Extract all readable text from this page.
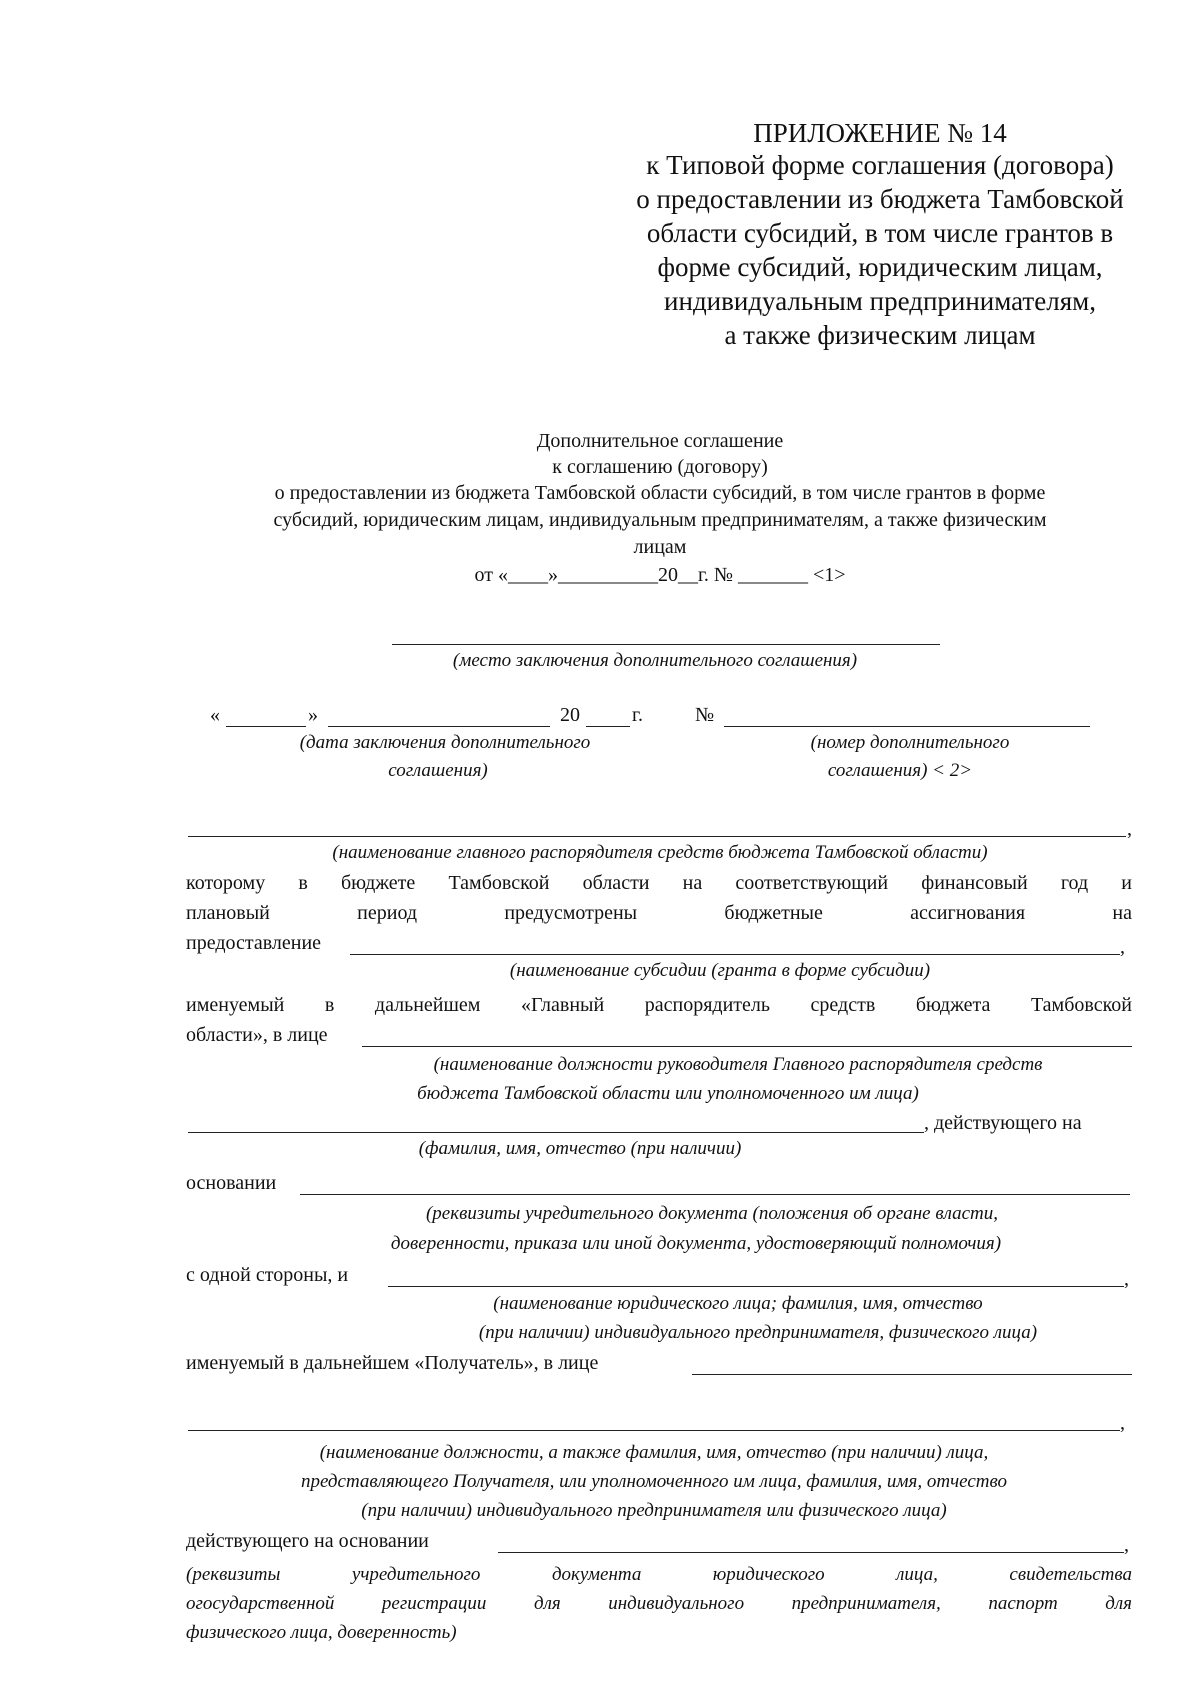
ПРИЛОЖЕНИЕ № 14
к Типовой форме соглашения (договора)
о предоставлении из бюджета Тамбовской
области субсидий, в том числе грантов в
форме субсидий, юридическим лицам,
индивидуальным предпринимателям,
а также физическим лицам
Дополнительное соглашение
к соглашению (договору)
о предоставлении из бюджета Тамбовской области субсидий, в том числе грантов в форме
субсидий, юридическим лицам, индивидуальным предпринимателям, а также физическим
лицам
от «____»__________20__г. № _______ <1>
(место заключения дополнительного соглашения)
«	»	20	г.	№
(дата заключения дополнительного
соглашения)
(номер дополнительного
соглашения) < 2>
,
(наименование главного распорядителя средств бюджета Тамбовской области)
которому в бюджете Тамбовской области на соответствующий финансовый год и
плановый	период	предусмотрены	бюджетные	ассигнования	на
предоставление	,
(наименование субсидии (гранта в форме субсидии)
именуемый в дальнейшем «Главный распорядитель средств бюджета Тамбовской
области», в лице
(наименование должности руководителя Главного распорядителя средств
бюджета Тамбовской области или уполномоченного им лица)
, действующего на
(фамилия, имя, отчество (при наличии)
основании
(реквизиты учредительного документа (положения об органе власти,
доверенности, приказа или иной документа, удостоверяющий полномочия)
с одной стороны, и	,
(наименование юридического лица; фамилия, имя, отчество
(при наличии) индивидуального предпринимателя, физического лица)
именуемый в дальнейшем «Получатель», в лице
,
(наименование должности, а также фамилия, имя, отчество (при наличии) лица,
представляющего Получателя, или уполномоченного им лица, фамилия, имя, отчество
(при наличии) индивидуального предпринимателя или физического лица)
действующего на основании	,
(реквизиты	учредительного	документа	юридического	лица,	свидетельства
огосударственной регистрации для индивидуального предпринимателя, паспорт для
физического лица, доверенность)
